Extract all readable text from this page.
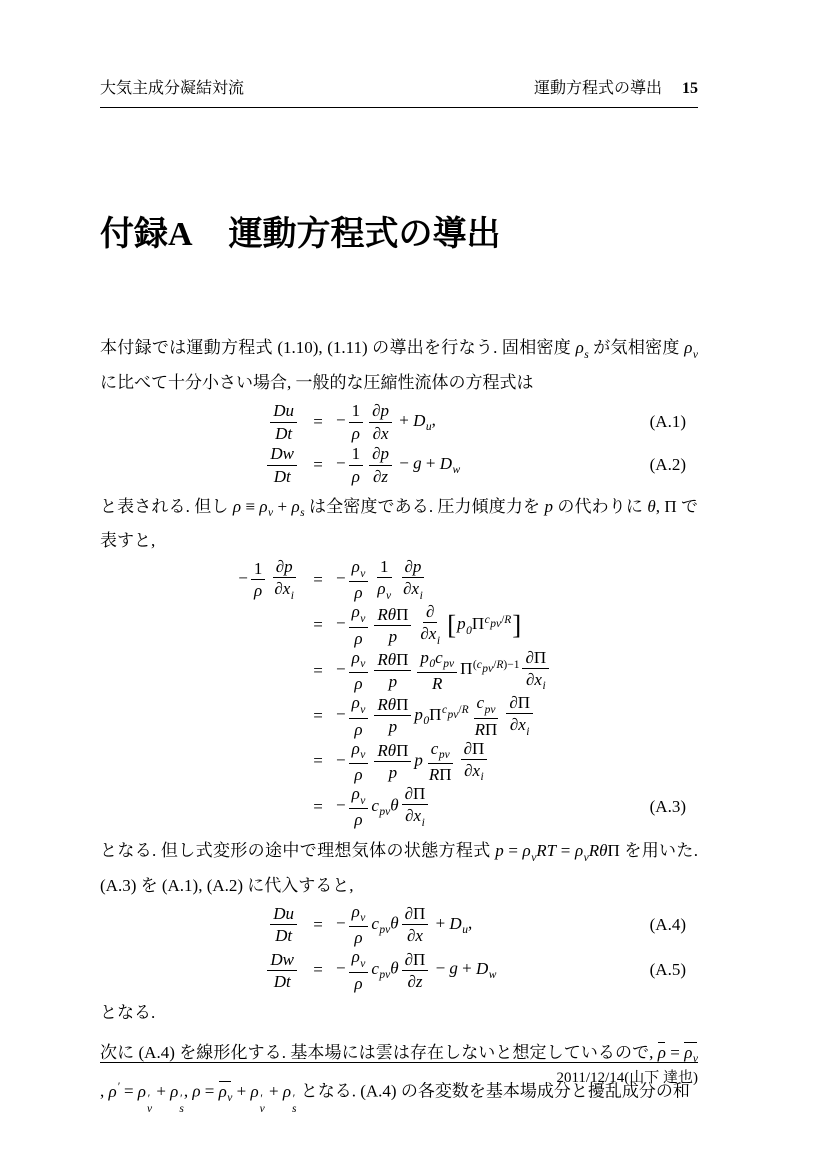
大気主成分凝結対流	運動方程式の導出 15
付録A 運動方程式の導出

本付録では運動方程式 (1.10), (1.11) の導出を行なう. 固相密度 $\rho_s$ が気相密度 $\rho_v$ に比べて十分小さい場合, 一般的な圧縮性流体の方程式は

$\frac{Du}{Dt}$ = − $\frac{1}{\rho} \frac{\partial p}{\partial x} + D_u$,	(A.1)
$\frac{Dw}{Dt}$ = − $\frac{1}{\rho} \frac{\partial p}{\partial z} - g + D_w$	(A.2)

と表される. 但し $\rho \equiv \rho_v + \rho_s$ は全密度である. 圧力傾度力を p の代わりに θ, Π で表すと,

− $\frac{1}{\rho} \frac{\partial p}{\partial x_i}$ = − $\frac{\rho_v}{\rho} \frac{1}{\rho_v} \frac{\partial p}{\partial x_i}$
= − $\frac{\rho_v}{\rho} \frac{\text{RθΠ}}{p} \frac{\partial}{\partial x_i} [p_0\Pi^{cpv/R}]$
= − $\frac{\rho_v}{\rho} \frac{\text{RθΠ}}{p} \frac{p_0c_{pv}}{R} \Pi^{(cpv/R)-1} \frac{\partial\Pi}{\partial x_i}$
= − $\frac{\rho_v}{\rho} \frac{\text{RθΠ}}{p} p_0\Pi^{cpv/R} \frac{c_{pv}}{R\Pi} \frac{\partial\Pi}{\partial x_i}$
= − $\frac{\rho_v}{\rho} \frac{\text{RθΠ}}{p}$ p $\frac{c_{pv}}{R\Pi} \frac{\partial\Pi}{\partial x_i}$
= − $\frac{\rho_v}{\rho} c_{pv}\theta \frac{\partial\Pi}{\partial x_i}$	(A.3)

となる. 但し式変形の途中で理想気体の状態方程式 $p = \rho_vRT = \rho_vR\theta\Pi$ を用いた. (A.3) を (A.1), (A.2) に代入すると,

$\frac{Du}{Dt}$ = − $\frac{\rho_v}{\rho} c_{pv}\theta \frac{\partial\Pi}{\partial x} + D_u$,	(A.4)
$\frac{Dw}{Dt}$ = − $\frac{\rho_v}{\rho} c_{pv}\theta \frac{\partial\Pi}{\partial z} - g + D_w$	(A.5)

となる.

次に (A.4) を線形化する. 基本場には雲は存在しないと想定しているので, $\rho = \rho_v$, ρ′ = ρ ′
v
+ ρ ′
s
, $\rho = \rho_v + \rho$ ′
v
+ ρ ′
s
となる. (A.4) の各変数を基本場成分と擾乱成分の和

2011/12/14(山下 達也)
